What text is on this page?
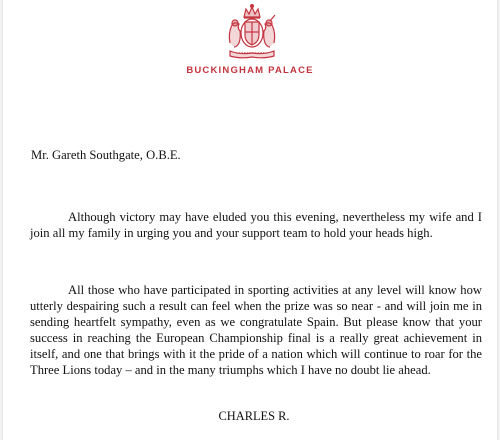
BUCKINGHAM PALACE
Mr. Gareth Southgate, O.B.E.
Although victory may have eluded you this evening, nevertheless my wife and I join all my family in urging you and your support team to hold your heads high.
All those who have participated in sporting activities at any level will know how utterly despairing such a result can feel when the prize was so near - and will join me in sending heartfelt sympathy, even as we congratulate Spain. But please know that your success in reaching the European Championship final is a really great achievement in itself, and one that brings with it the pride of a nation which will continue to roar for the Three Lions today – and in the many triumphs which I have no doubt lie ahead.
CHARLES R.
